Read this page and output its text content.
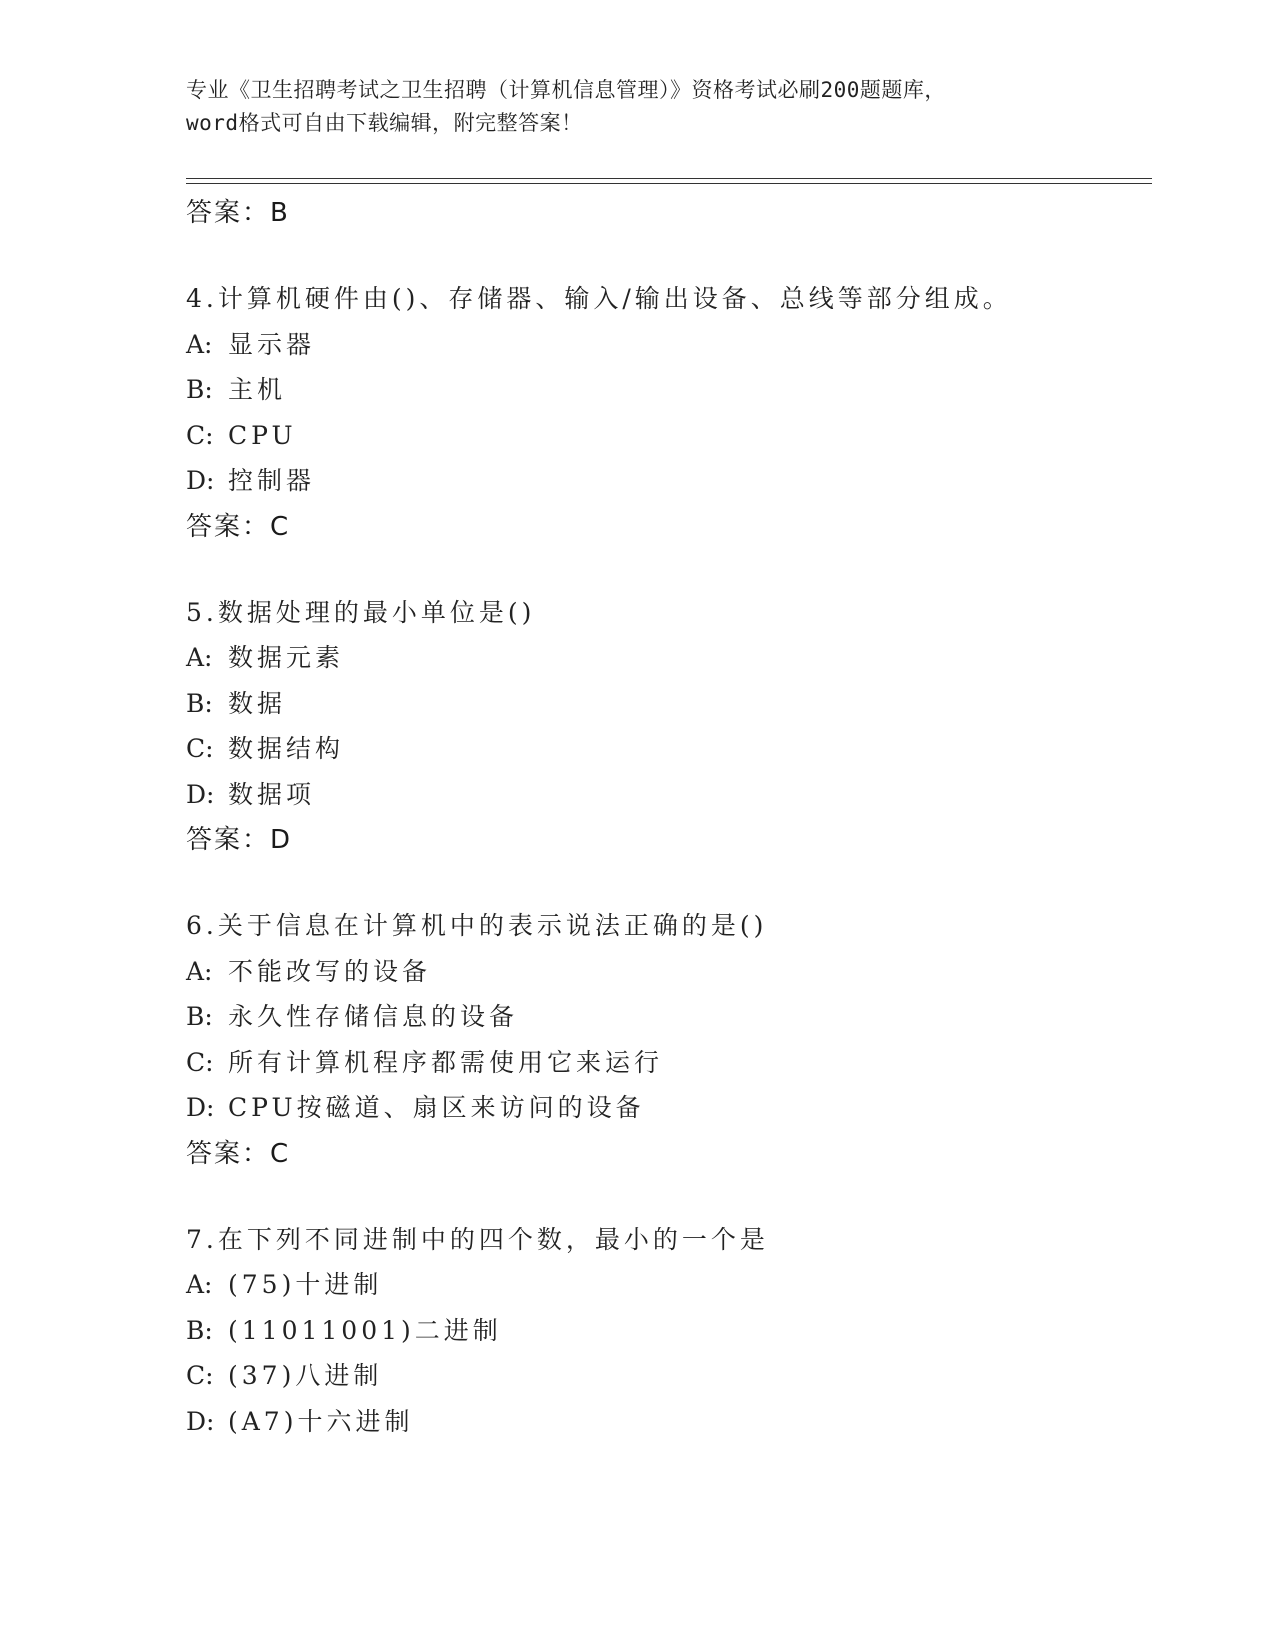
专业《卫生招聘考试之卫生招聘（计算机信息管理）》资格考试必刷200题题库，
word格式可自由下载编辑，附完整答案！
答案：B
4.计算机硬件由()、存储器、输入/输出设备、总线等部分组成。
A: 显示器
B: 主机
C: CPU
D: 控制器
答案：C
5.数据处理的最小单位是()
A: 数据元素
B: 数据
C: 数据结构
D: 数据项
答案：D
6.关于信息在计算机中的表示说法正确的是()
A: 不能改写的设备
B: 永久性存储信息的设备
C: 所有计算机程序都需使用它来运行
D: CPU按磁道、扇区来访问的设备
答案：C
7.在下列不同进制中的四个数，最小的一个是
A: (75)十进制
B: (11011001)二进制
C: (37)八进制
D: (A7)十六进制
